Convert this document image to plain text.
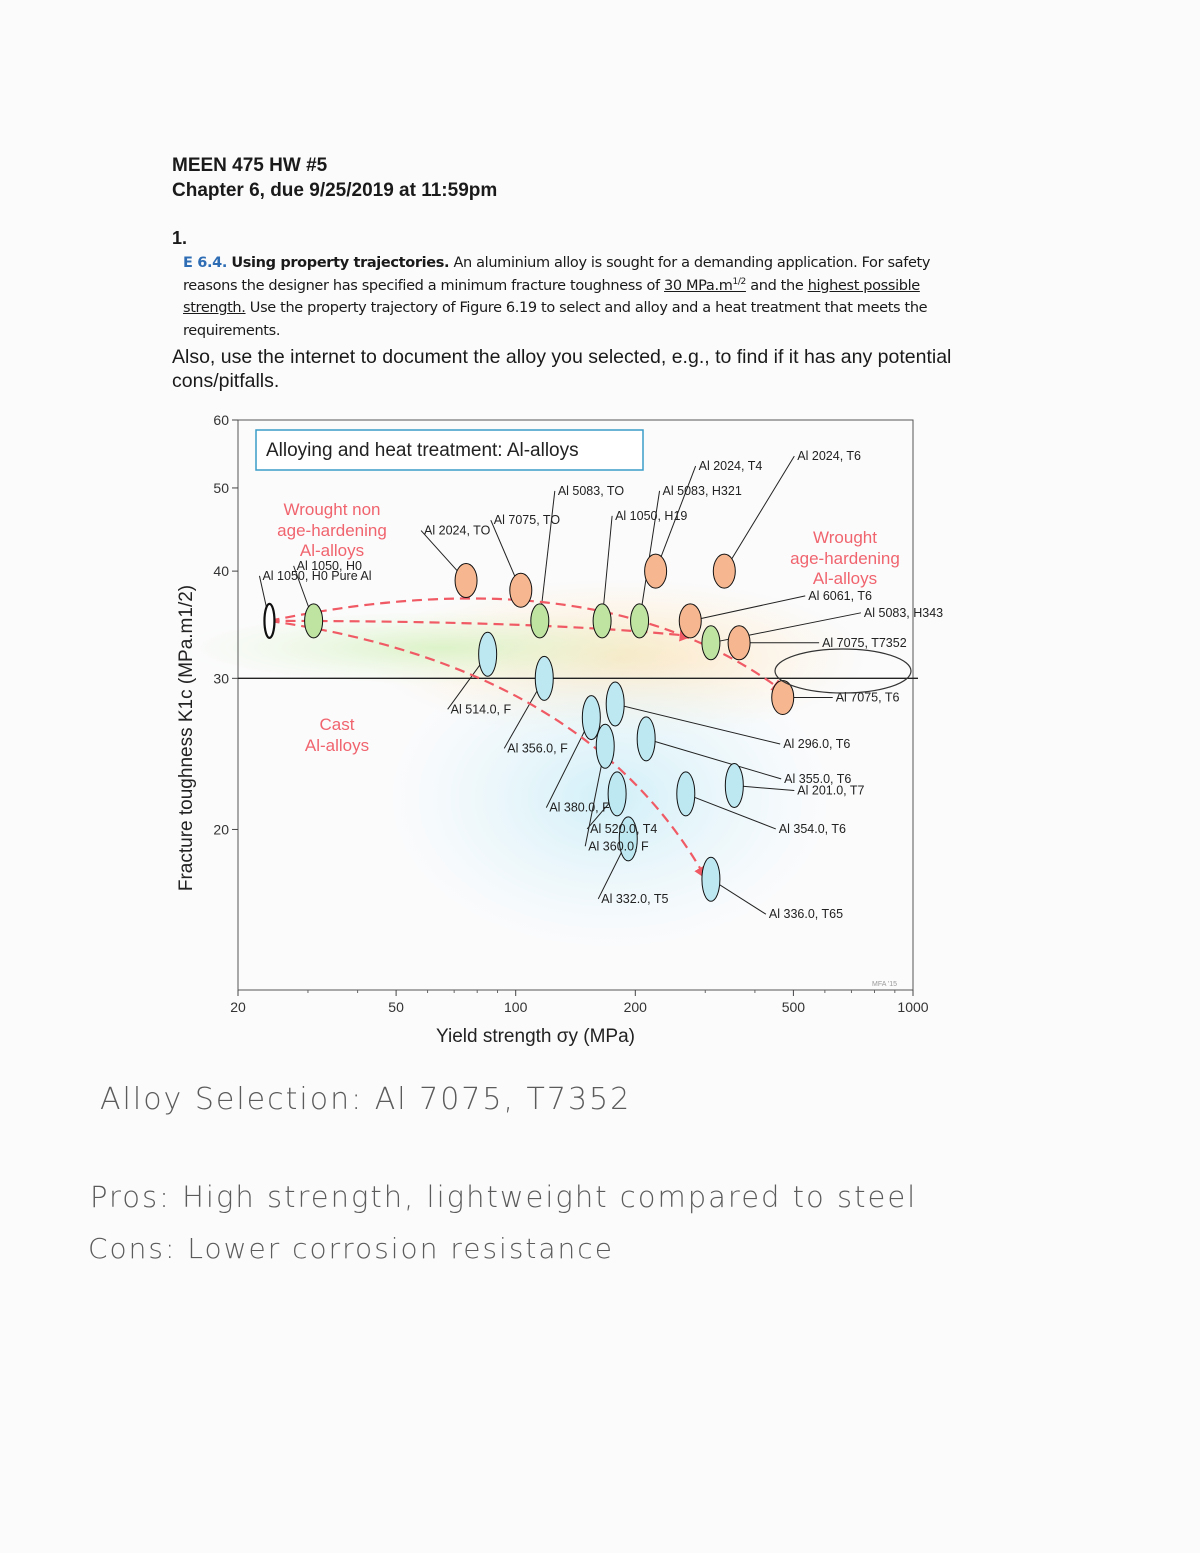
MEEN 475 HW #5
Chapter 6, due 9/25/2019 at 11:59pm
1.
E 6.4. Using property trajectories. An aluminium alloy is sought for a demanding application. For safety reasons the designer has specified a minimum fracture toughness of 30 $MPa.m^{1/2}$ and the highest possible strength. Use the property trajectory of Figure 6.19 to select and alloy and a heat treatment that meets the requirements.
Also, use the internet to document the alloy you selected, e.g., to find if it has any potential cons/pitfalls.
20	50	100	200	500	1000
20
30
40
50
60
Yield strength σy (MPa)
Fracture toughness K1c (MPa.m1/2)
Alloying and heat treatment: Al-alloys
MFA '15
Wrought non
age-hardening
Al-alloys
Wrought
age-hardening
Al-alloys
Cast
Al-alloys
Al 1050, H0 Pure Al
Al 1050, H0
Al 1050, H19
Al 5083, TO	Al 5083, H321
Al 5083, H343
Al 2024, TO
Al 7075, TO
Al 2024, T4
Al 2024, T6
Al 6061, T6
Al 7075, T7352
Al 7075, T6
Al 514.0, F
Al 356.0, F
Al 380.0, F
Al 296.0, T6
Al 360.0, F
Al 355.0, T6
Al 201.0, T7
Al 354.0, T6
Al 520.0, T4
Al 332.0, T5
Al 336.0, T65
Alloy Selection: Al 7075, T7352
Pros: High strength, lightweight compared to steel
Cons: Lower corrosion resistance
